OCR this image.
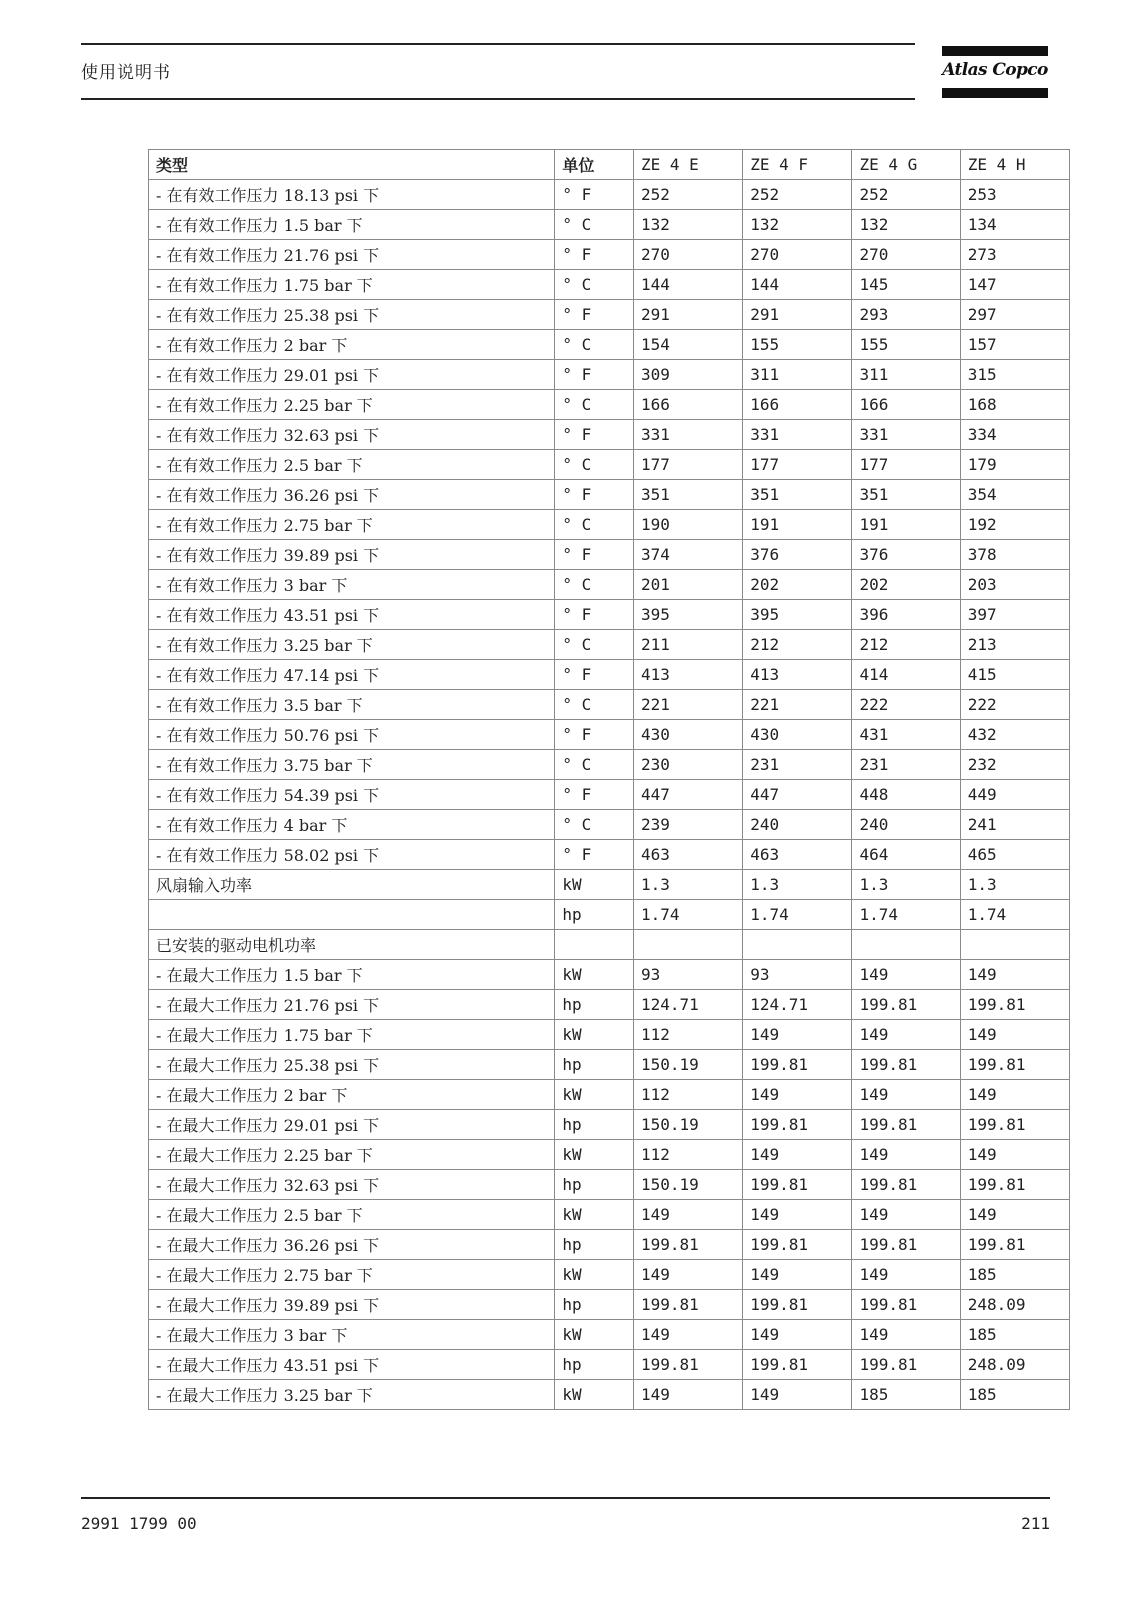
使用说明书	Atlas Copco
类型	单位	ZE 4 E	ZE 4 F	ZE 4 G	ZE 4 H
- 在有效工作压力 18.13 psi 下	° F	252	252	252	253
- 在有效工作压力 1.5 bar 下	° C	132	132	132	134
- 在有效工作压力 21.76 psi 下	° F	270	270	270	273
- 在有效工作压力 1.75 bar 下	° C	144	144	145	147
- 在有效工作压力 25.38 psi 下	° F	291	291	293	297
- 在有效工作压力 2 bar 下	° C	154	155	155	157
- 在有效工作压力 29.01 psi 下	° F	309	311	311	315
- 在有效工作压力 2.25 bar 下	° C	166	166	166	168
- 在有效工作压力 32.63 psi 下	° F	331	331	331	334
- 在有效工作压力 2.5 bar 下	° C	177	177	177	179
- 在有效工作压力 36.26 psi 下	° F	351	351	351	354
- 在有效工作压力 2.75 bar 下	° C	190	191	191	192
- 在有效工作压力 39.89 psi 下	° F	374	376	376	378
- 在有效工作压力 3 bar 下	° C	201	202	202	203
- 在有效工作压力 43.51 psi 下	° F	395	395	396	397
- 在有效工作压力 3.25 bar 下	° C	211	212	212	213
- 在有效工作压力 47.14 psi 下	° F	413	413	414	415
- 在有效工作压力 3.5 bar 下	° C	221	221	222	222
- 在有效工作压力 50.76 psi 下	° F	430	430	431	432
- 在有效工作压力 3.75 bar 下	° C	230	231	231	232
- 在有效工作压力 54.39 psi 下	° F	447	447	448	449
- 在有效工作压力 4 bar 下	° C	239	240	240	241
- 在有效工作压力 58.02 psi 下	° F	463	463	464	465
风扇输入功率	kW	1.3	1.3	1.3	1.3
	hp	1.74	1.74	1.74	1.74
已安装的驱动电机功率					
- 在最大工作压力 1.5 bar 下	kW	93	93	149	149
- 在最大工作压力 21.76 psi 下	hp	124.71	124.71	199.81	199.81
- 在最大工作压力 1.75 bar 下	kW	112	149	149	149
- 在最大工作压力 25.38 psi 下	hp	150.19	199.81	199.81	199.81
- 在最大工作压力 2 bar 下	kW	112	149	149	149
- 在最大工作压力 29.01 psi 下	hp	150.19	199.81	199.81	199.81
- 在最大工作压力 2.25 bar 下	kW	112	149	149	149
- 在最大工作压力 32.63 psi 下	hp	150.19	199.81	199.81	199.81
- 在最大工作压力 2.5 bar 下	kW	149	149	149	149
- 在最大工作压力 36.26 psi 下	hp	199.81	199.81	199.81	199.81
- 在最大工作压力 2.75 bar 下	kW	149	149	149	185
- 在最大工作压力 39.89 psi 下	hp	199.81	199.81	199.81	248.09
- 在最大工作压力 3 bar 下	kW	149	149	149	185
- 在最大工作压力 43.51 psi 下	hp	199.81	199.81	199.81	248.09
- 在最大工作压力 3.25 bar 下	kW	149	149	185	185
2991 1799 00	211
